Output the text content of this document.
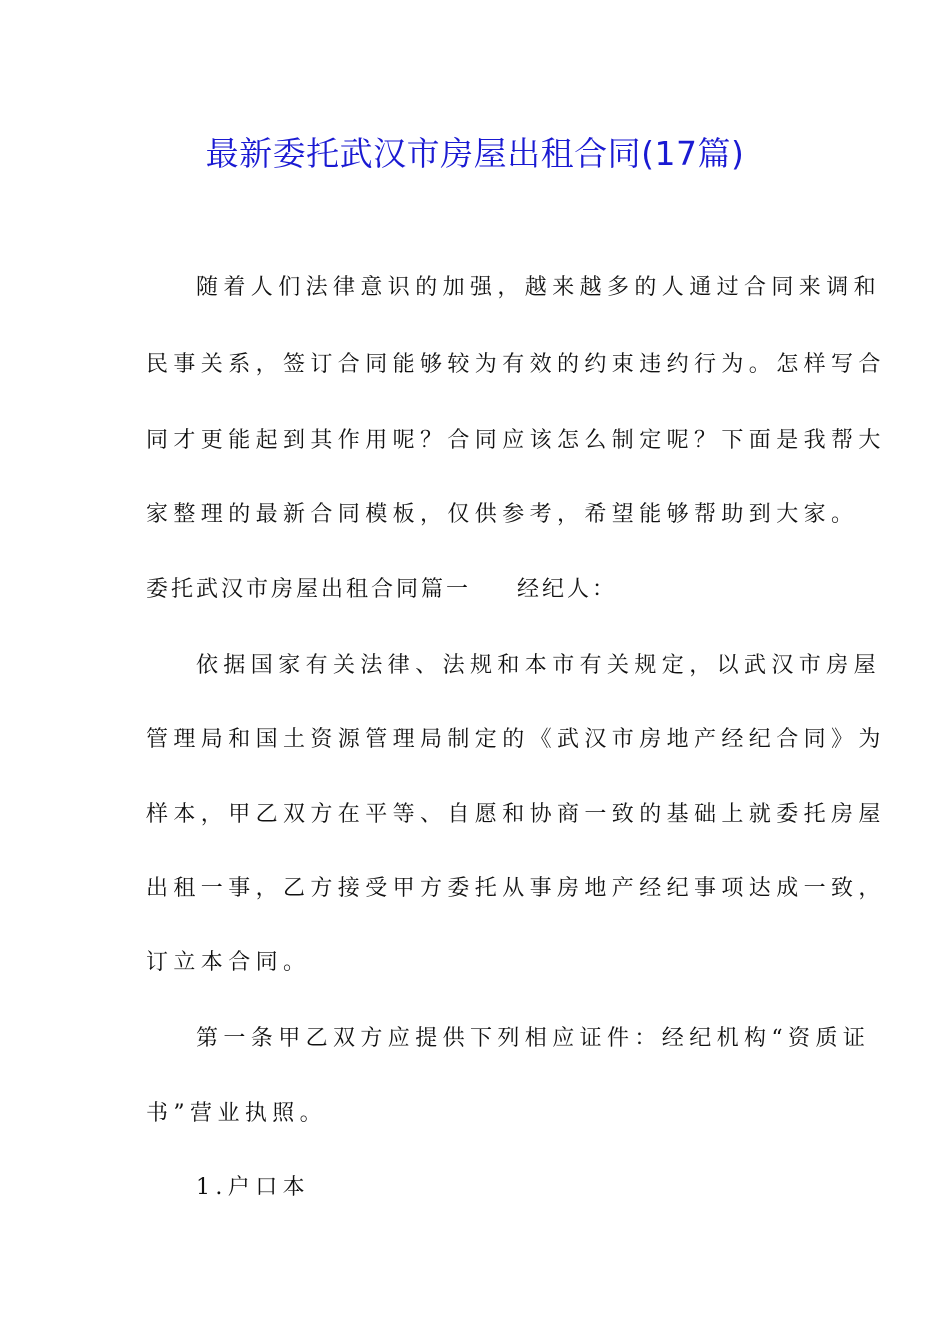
最新委托武汉市房屋出租合同(17篇)
随着人们法律意识的加强，越来越多的人通过合同来调和
民事关系，签订合同能够较为有效的约束违约行为。怎样写合
同才更能起到其作用呢？合同应该怎么制定呢？下面是我帮大
家整理的最新合同模板，仅供参考，希望能够帮助到大家。
委托武汉市房屋出租合同篇一 经纪人：
依据国家有关法律、法规和本市有关规定，以武汉市房屋
管理局和国土资源管理局制定的《武汉市房地产经纪合同》为
样本，甲乙双方在平等、自愿和协商一致的基础上就委托房屋
出租一事，乙方接受甲方委托从事房地产经纪事项达成一致，
订立本合同。
第一条甲乙双方应提供下列相应证件：经纪机构“资质证
书”营业执照。
1.户口本
